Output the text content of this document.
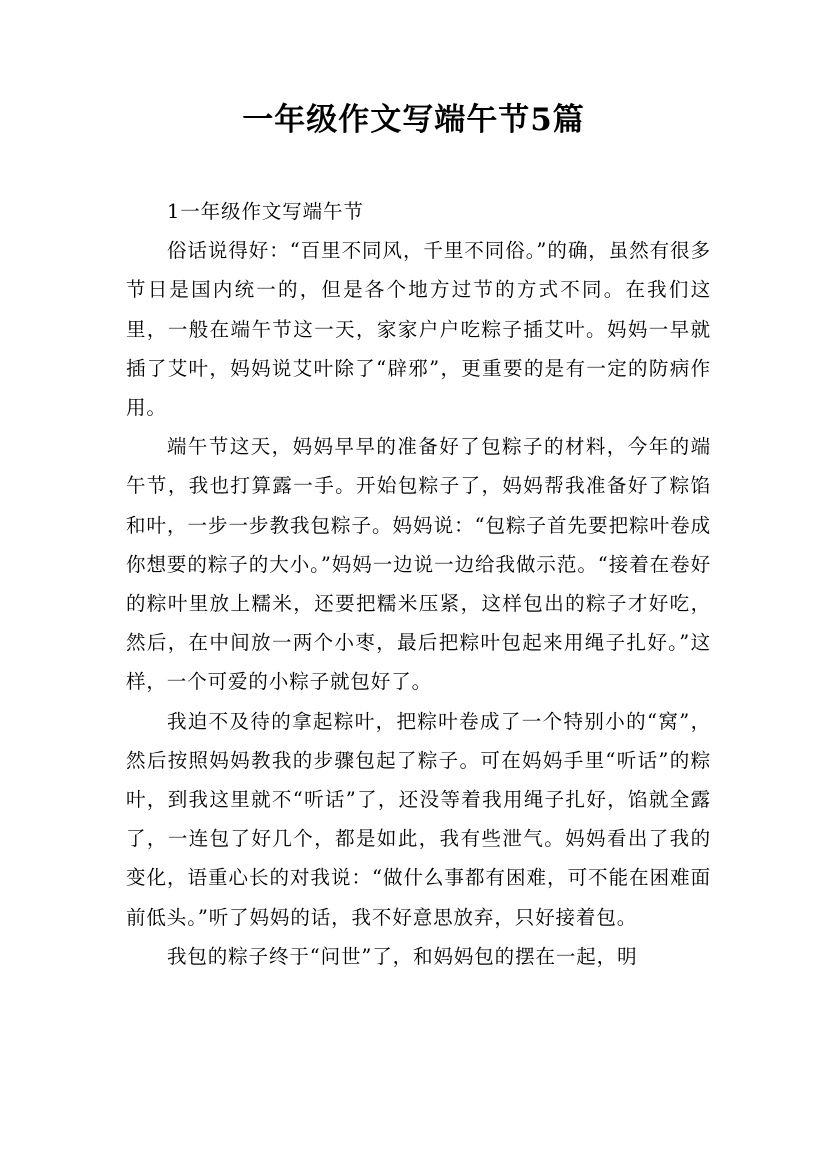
一年级作文写端午节5篇

1一年级作文写端午节

俗话说得好：“百里不同风，千里不同俗。”的确，虽然有很多节日是国内统一的，但是各个地方过节的方式不同。在我们这里，一般在端午节这一天，家家户户吃粽子插艾叶。妈妈一早就插了艾叶，妈妈说艾叶除了“辟邪”，更重要的是有一定的防病作用。

端午节这天，妈妈早早的准备好了包粽子的材料，今年的端午节，我也打算露一手。开始包粽子了，妈妈帮我准备好了粽馅和叶，一步一步教我包粽子。妈妈说：“包粽子首先要把粽叶卷成你想要的粽子的大小。”妈妈一边说一边给我做示范。“接着在卷好的粽叶里放上糯米，还要把糯米压紧，这样包出的粽子才好吃，然后，在中间放一两个小枣，最后把粽叶包起来用绳子扎好。”这样，一个可爱的小粽子就包好了。

我迫不及待的拿起粽叶，把粽叶卷成了一个特别小的“窝”，然后按照妈妈教我的步骤包起了粽子。可在妈妈手里“听话”的粽叶，到我这里就不“听话”了，还没等着我用绳子扎好，馅就全露了，一连包了好几个，都是如此，我有些泄气。妈妈看出了我的变化，语重心长的对我说：“做什么事都有困难，可不能在困难面前低头。”听了妈妈的话，我不好意思放弃，只好接着包。

我包的粽子终于“问世”了，和妈妈包的摆在一起，明
